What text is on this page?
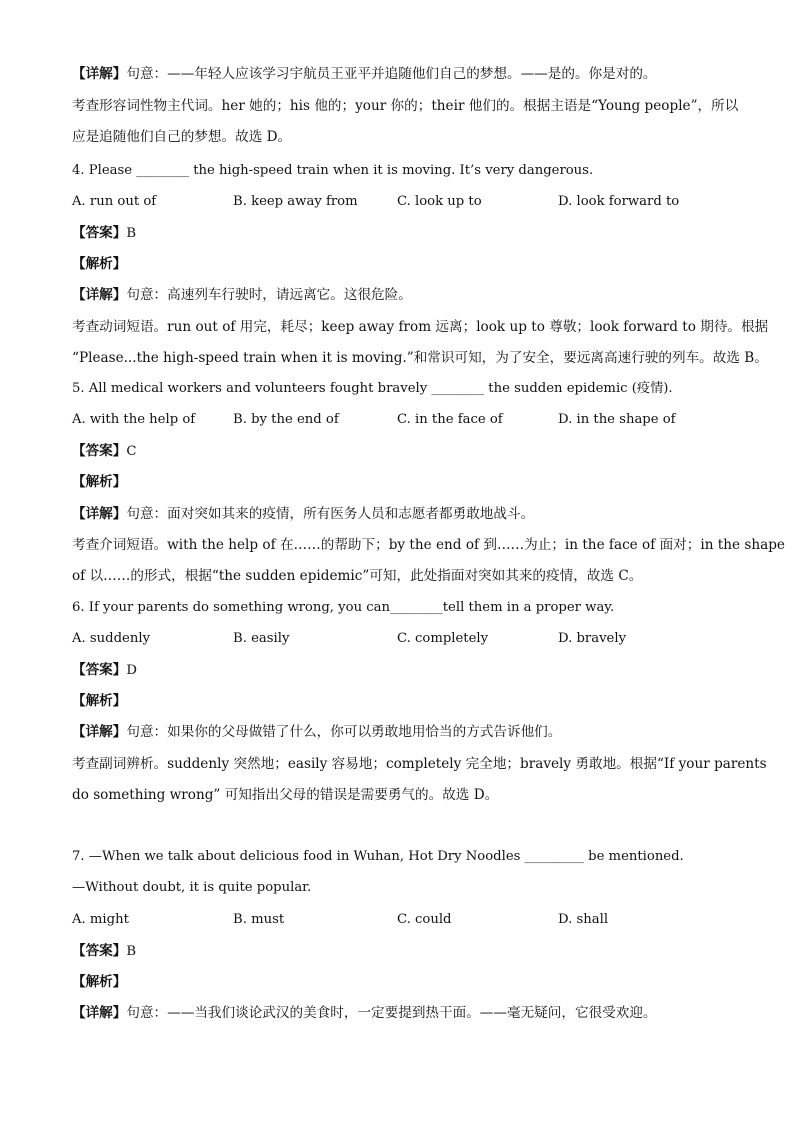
【详解】句意：——年轻人应该学习宇航员王亚平并追随他们自己的梦想。——是的。你是对的。
考查形容词性物主代词。her 她的；his 他的；your 你的；their 他们的。根据主语是“Young people”，所以
应是追随他们自己的梦想。故选 D。
4. Please ________ the high-speed train when it is moving. It’s very dangerous.
A. run out of	B. keep away from	C. look up to	D. look forward to
【答案】B
【解析】
【详解】句意：高速列车行驶时，请远离它。这很危险。
考查动词短语。run out of 用完，耗尽；keep away from 远离；look up to 尊敬；look forward to 期待。根据
“Please...the high-speed train when it is moving.”和常识可知，为了安全，要远离高速行驶的列车。故选 B。
5. All medical workers and volunteers fought bravely ________ the sudden epidemic (疫情).
A. with the help of	B. by the end of	C. in the face of	D. in the shape of
【答案】C
【解析】
【详解】句意：面对突如其来的疫情，所有医务人员和志愿者都勇敢地战斗。
考查介词短语。with the help of 在……的帮助下；by the end of 到……为止；in the face of 面对；in the shape
of 以……的形式，根据“the sudden epidemic”可知，此处指面对突如其来的疫情，故选 C。
6. If your parents do something wrong, you can________tell them in a proper way.
A. suddenly	B. easily	C. completely	D. bravely
【答案】D
【解析】
【详解】句意：如果你的父母做错了什么，你可以勇敢地用恰当的方式告诉他们。
考查副词辨析。suddenly 突然地；easily 容易地；completely 完全地；bravely 勇敢地。根据“If your parents
do something wrong” 可知指出父母的错误是需要勇气的。故选 D。
7. —When we talk about delicious food in Wuhan, Hot Dry Noodles _________ be mentioned.
—Without doubt, it is quite popular.
A. might	B. must	C. could	D. shall
【答案】B
【解析】
【详解】句意：——当我们谈论武汉的美食时，一定要提到热干面。——毫无疑问，它很受欢迎。
